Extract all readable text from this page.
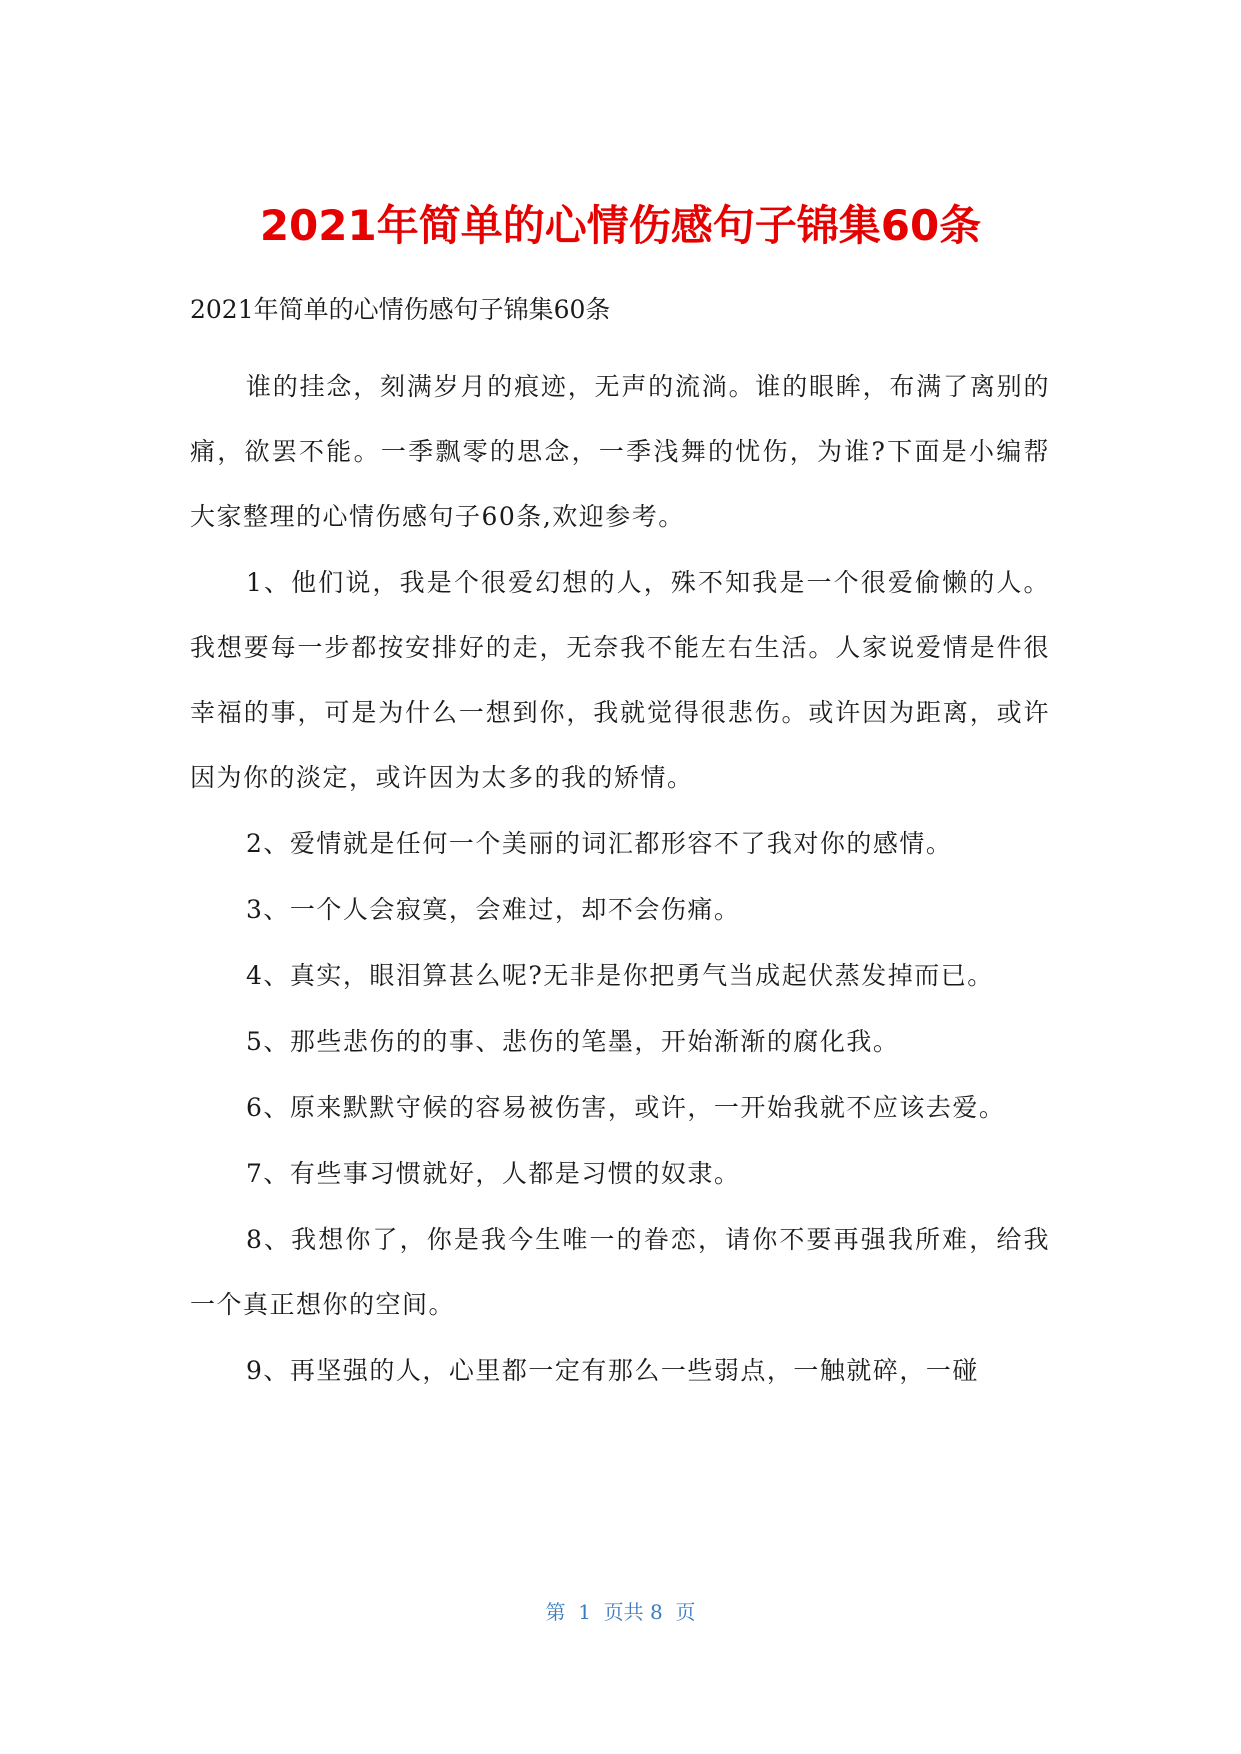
2021年简单的心情伤感句子锦集60条

2021年简单的心情伤感句子锦集60条

谁的挂念，刻满岁月的痕迹，无声的流淌。谁的眼眸，布满了离别的痛，欲罢不能。一季飘零的思念，一季浅舞的忧伤，为谁?下面是小编帮大家整理的心情伤感句子60条,欢迎参考。

1、他们说，我是个很爱幻想的人，殊不知我是一个很爱偷懒的人。我想要每一步都按安排好的走，无奈我不能左右生活。人家说爱情是件很幸福的事，可是为什么一想到你，我就觉得很悲伤。或许因为距离，或许因为你的淡定，或许因为太多的我的矫情。

2、爱情就是任何一个美丽的词汇都形容不了我对你的感情。

3、一个人会寂寞，会难过，却不会伤痛。

4、真实，眼泪算甚么呢?无非是你把勇气当成起伏蒸发掉而已。

5、那些悲伤的的事、悲伤的笔墨，开始渐渐的腐化我。

6、原来默默守候的容易被伤害，或许，一开始我就不应该去爱。

7、有些事习惯就好，人都是习惯的奴隶。

8、我想你了，你是我今生唯一的眷恋，请你不要再强我所难，给我一个真正想你的空间。

9、再坚强的人，心里都一定有那么一些弱点，一触就碎，一碰

第  1  页共 8  页
